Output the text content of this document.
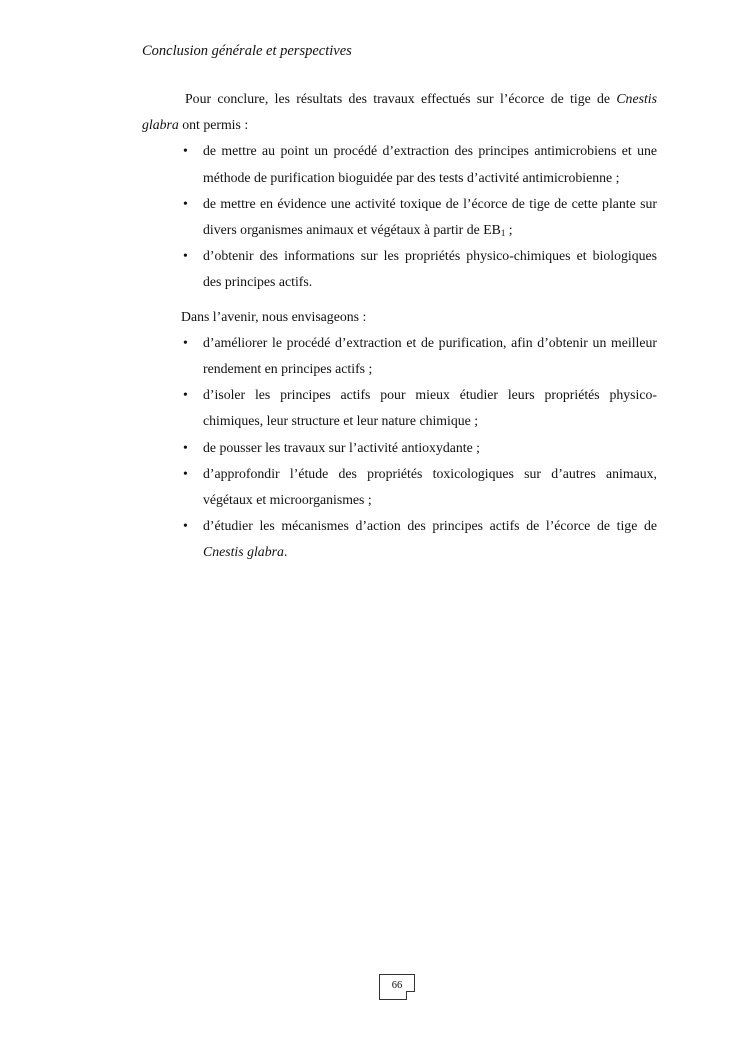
Conclusion générale et perspectives

Pour conclure, les résultats des travaux effectués sur l’écorce de tige de Cnestis glabra ont permis :

• de mettre au point un procédé d’extraction des principes antimicrobiens et une méthode de purification bioguidée par des tests d’activité antimicrobienne ;
• de mettre en évidence une activité toxique de l’écorce de tige de cette plante sur divers organismes animaux et végétaux à partir de $EB_1$ ;
• d’obtenir des informations sur les propriétés physico-chimiques et biologiques des principes actifs.

Dans l’avenir, nous envisageons :

• d’améliorer le procédé d’extraction et de purification, afin d’obtenir un meilleur rendement en principes actifs ;
• d’isoler les principes actifs pour mieux étudier leurs propriétés physico-chimiques, leur structure et leur nature chimique ;
• de pousser les travaux sur l’activité antioxydante ;
• d’approfondir l’étude des propriétés toxicologiques sur d’autres animaux, végétaux et microorganismes ;
• d’étudier les mécanismes d’action des principes actifs de l’écorce de tige de Cnestis glabra.
66
